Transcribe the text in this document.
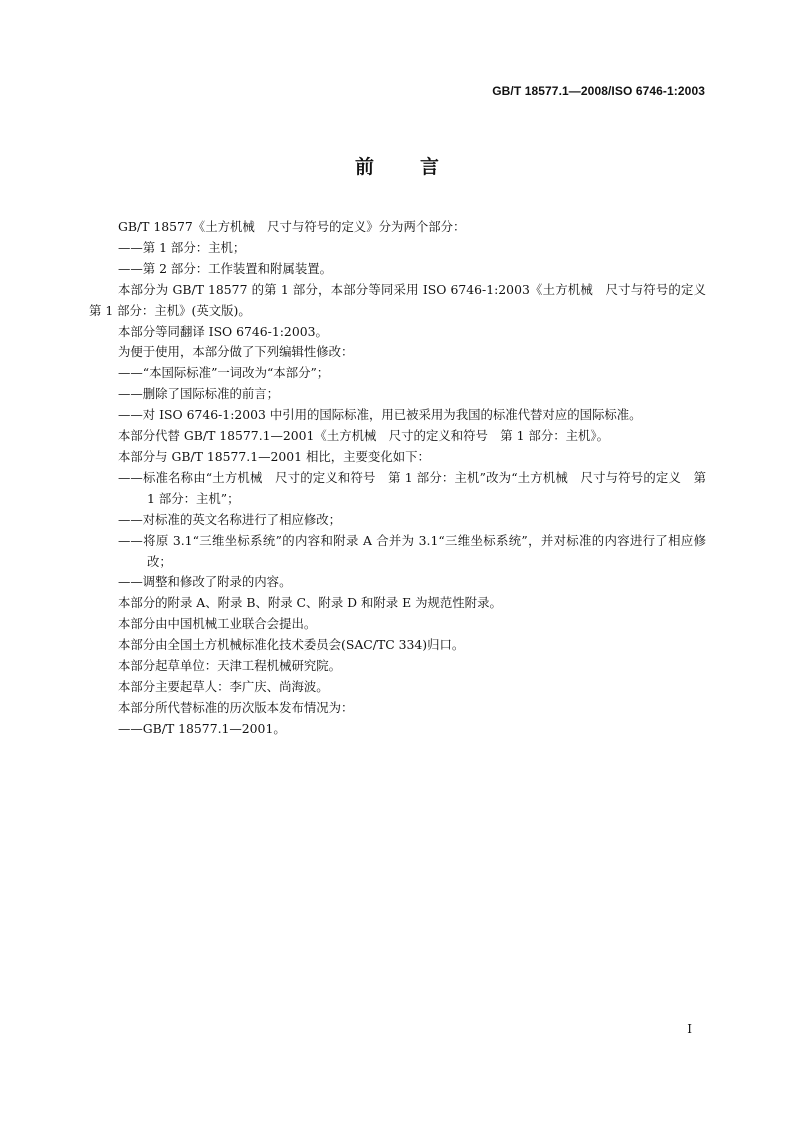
GB/T 18577.1—2008/ISO 6746-1:2003
前言
GB/T 18577《土方机械　尺寸与符号的定义》分为两个部分：
——第 1 部分：主机；
——第 2 部分：工作装置和附属装置。
本部分为 GB/T 18577 的第 1 部分，本部分等同采用 ISO 6746-1:2003《土方机械　尺寸与符号的定义　第 1 部分：主机》(英文版)。
本部分等同翻译 ISO 6746-1:2003。
为便于使用，本部分做了下列编辑性修改：
——“本国际标准”一词改为“本部分”；
——删除了国际标准的前言；
——对 ISO 6746-1:2003 中引用的国际标准，用已被采用为我国的标准代替对应的国际标准。
本部分代替 GB/T 18577.1—2001《土方机械　尺寸的定义和符号　第 1 部分：主机》。
本部分与 GB/T 18577.1—2001 相比，主要变化如下：
——标准名称由“土方机械　尺寸的定义和符号　第 1 部分：主机”改为“土方机械　尺寸与符号的定义　第 1 部分：主机”；
——对标准的英文名称进行了相应修改；
——将原 3.1“三维坐标系统”的内容和附录 A 合并为 3.1“三维坐标系统”，并对标准的内容进行了相应修改；
——调整和修改了附录的内容。
本部分的附录 A、附录 B、附录 C、附录 D 和附录 E 为规范性附录。
本部分由中国机械工业联合会提出。
本部分由全国土方机械标准化技术委员会(SAC/TC 334)归口。
本部分起草单位：天津工程机械研究院。
本部分主要起草人：李广庆、尚海波。
本部分所代替标准的历次版本发布情况为：
——GB/T 18577.1—2001。
I
